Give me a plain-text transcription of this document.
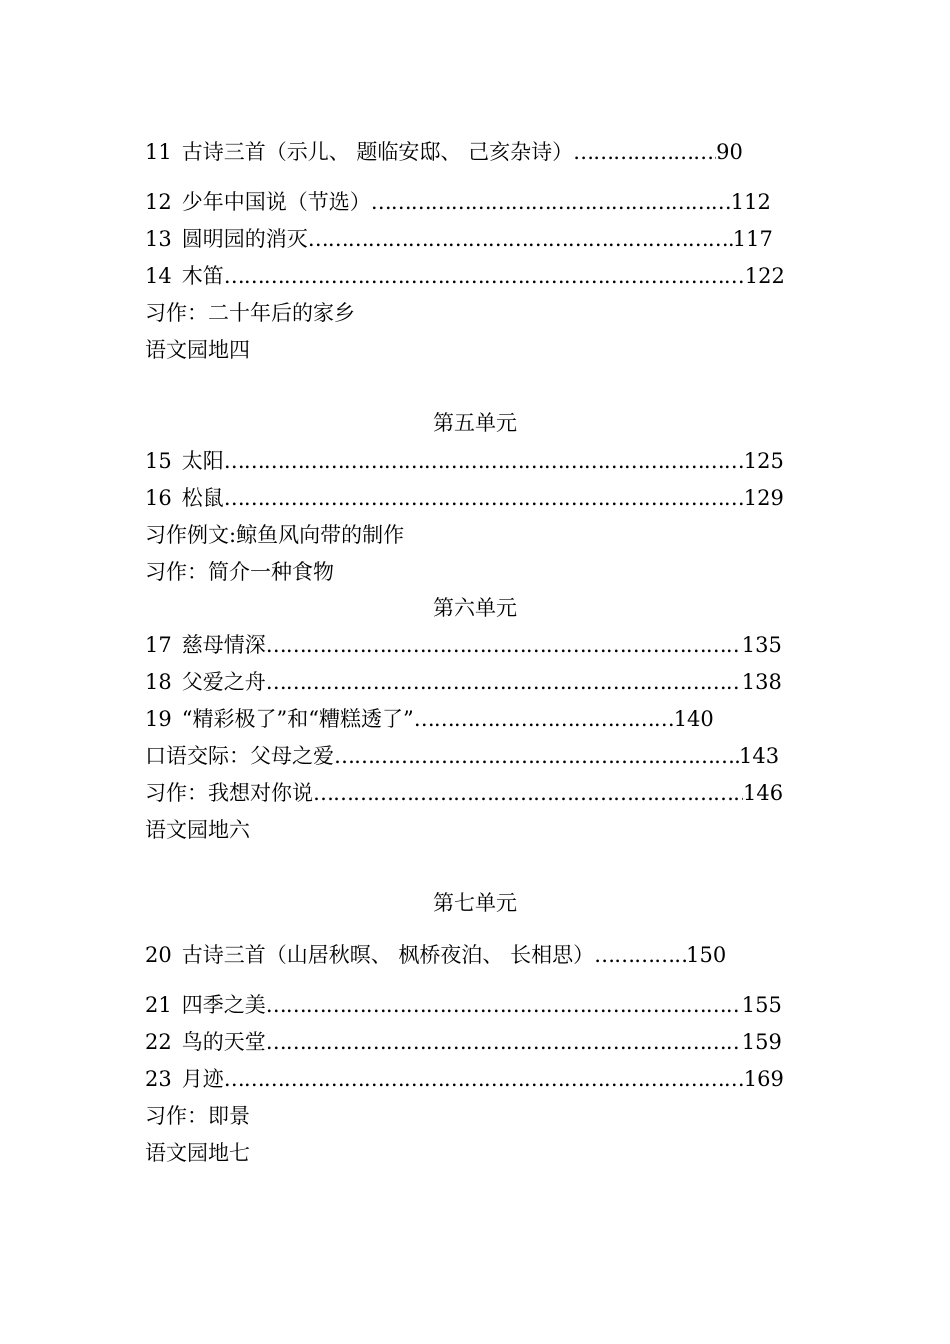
11 古诗三首（示儿、 题临安邸、 己亥杂诗） …………………………………………………………………………………………………………………………	90
12 少年中国说（节选） …………………………………………………………………………………………………………………………	112
13 圆明园的消灭 …………………………………………………………………………………………………………………………	117
14 木笛 …………………………………………………………………………………………………………………………	122
习作：二十年后的家乡
语文园地四
第五单元
15 太阳 …………………………………………………………………………………………………………………………	125
16 松鼠 …………………………………………………………………………………………………………………………	129
习作例文:鲸鱼风向带的制作
习作：简介一种食物
第六单元
17 慈母情深 …………………………………………………………………………………………………………………………	135
18 父爱之舟 …………………………………………………………………………………………………………………………	138
19 “精彩极了”和“糟糕透了” …………………………………………………………………………………………………………………………	140
口语交际：父母之爱 …………………………………………………………………………………………………………………………	143
习作：我想对你说 …………………………………………………………………………………………………………………………	146
语文园地六
第七单元
20 古诗三首（山居秋暝、 枫桥夜泊、 长相思） …………………………………………………………………………………………………………………………	150
21 四季之美 …………………………………………………………………………………………………………………………	155
22 鸟的天堂 …………………………………………………………………………………………………………………………	159
23 月迹 …………………………………………………………………………………………………………………………	169
习作：即景
语文园地七
